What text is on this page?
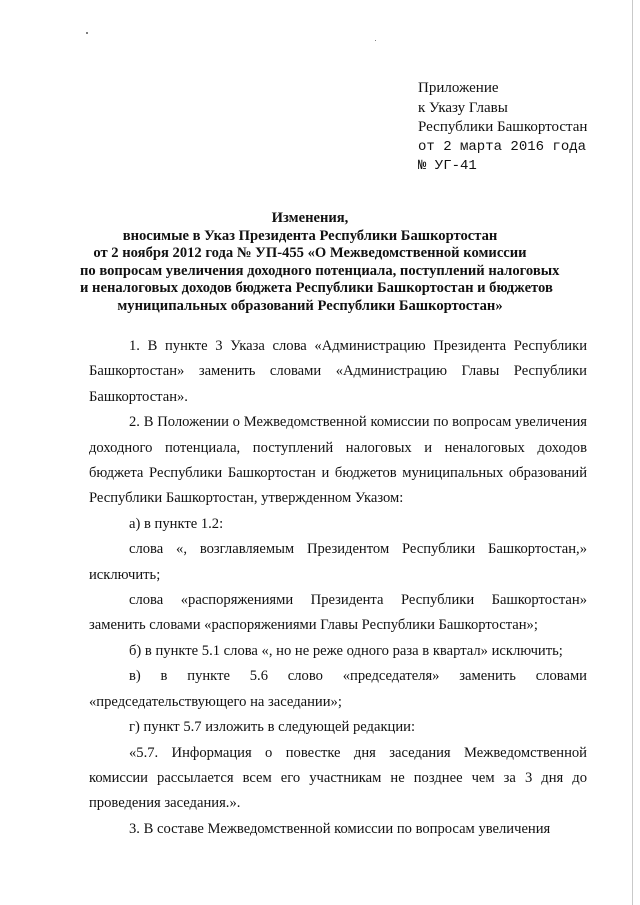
Приложение
к Указу Главы
Республики Башкортостан
от 2 марта 2016 года
№ УГ-41
Изменения,
вносимые в Указ Президента Республики Башкортостан
от 2 ноября 2012 года № УП-455 «О Межведомственной комиссии
по вопросам увеличения доходного потенциала, поступлений налоговых
и неналоговых доходов бюджета Республики Башкортостан и бюджетов
муниципальных образований Республики Башкортостан»

1. В пункте 3 Указа слова «Администрацию Президента Республики Башкортостан» заменить словами «Администрацию Главы Республики Башкортостан».

2. В Положении о Межведомственной комиссии по вопросам увеличения доходного потенциала, поступлений налоговых и неналоговых доходов бюджета Республики Башкортостан и бюджетов муниципальных образований Республики Башкортостан, утвержденном Указом:

а) в пункте 1.2:

слова «, возглавляемым Президентом Республики Башкортостан,» исключить;

слова «распоряжениями Президента Республики Башкортостан» заменить словами «распоряжениями Главы Республики Башкортостан»;

б) в пункте 5.1 слова «, но не реже одного раза в квартал» исключить;

в) в пункте 5.6 слово «председателя» заменить словами «председательствующего на заседании»;

г) пункт 5.7 изложить в следующей редакции:

«5.7. Информация о повестке дня заседания Межведомственной комиссии рассылается всем его участникам не позднее чем за 3 дня до проведения заседания.».

3. В составе Межведомственной комиссии по вопросам увеличения
